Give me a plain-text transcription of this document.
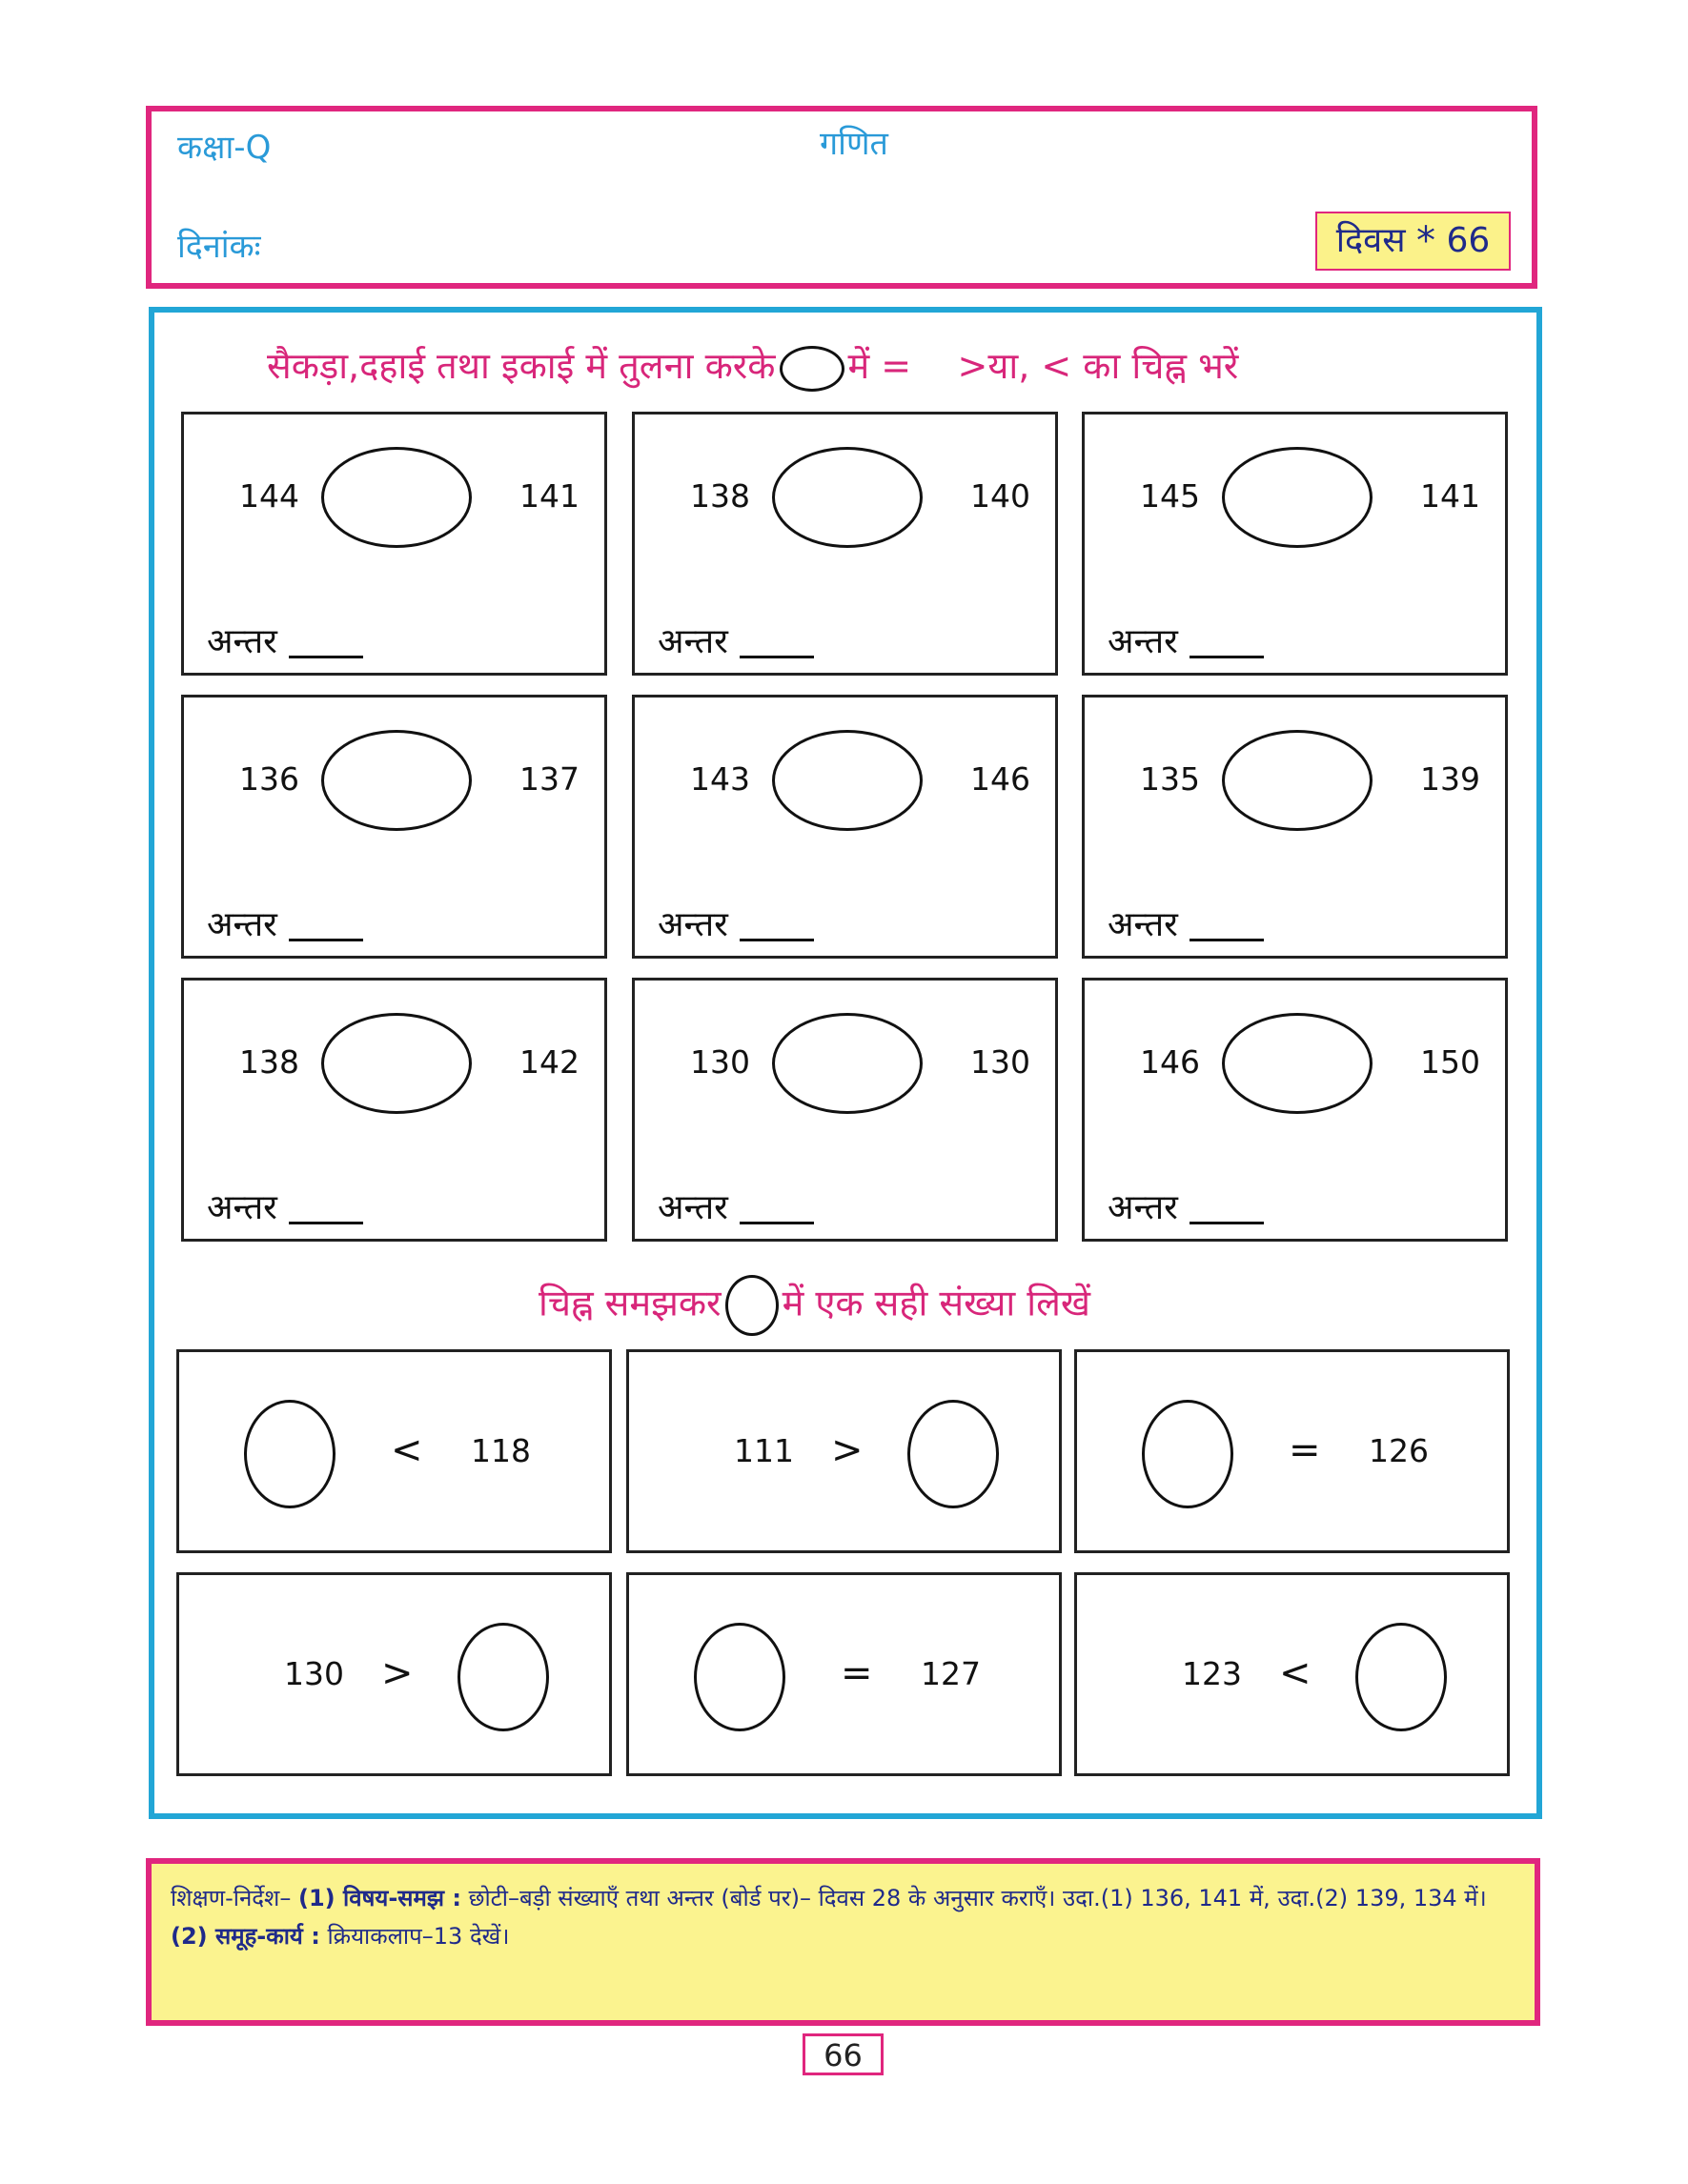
कक्षा-Q	गणित
दिनांकः	दिवस * 66
सैकड़ा,दहाई तथा इकाई में तुलना करके में = >या, < का चिह्न भरें
144	141
अन्तर
138	140
अन्तर
145	141
अन्तर
136	137
अन्तर
143	146
अन्तर
135	139
अन्तर
138	142
अन्तर
130	130
अन्तर
146	150
अन्तर
चिह्न समझकर में एक सही संख्या लिखें
< 118	111 >	= 126
130 >	= 127	123 <
शिक्षण-निर्देश– (1) विषय-समझ : छोटी–बड़ी संख्याएँ तथा अन्तर (बोर्ड पर)– दिवस 28 के अनुसार कराएँ। उदा.(1) 136, 141 में, उदा.(2) 139, 134 में। (2) समूह-कार्य : क्रियाकलाप–13 देखें।
66
